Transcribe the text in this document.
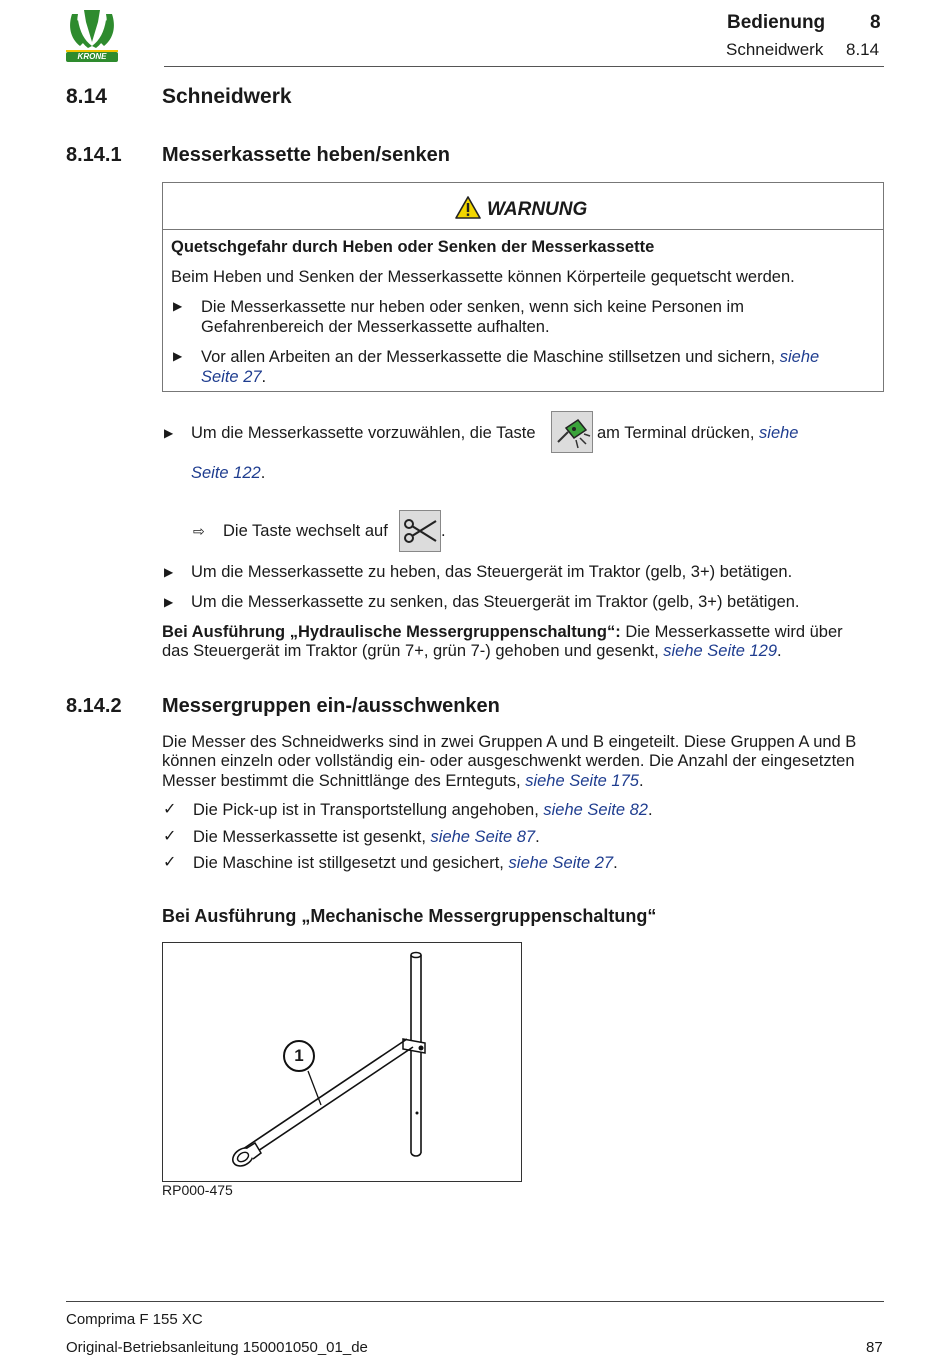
KRONE
Bedienung 8
Schneidwerk 8.14
8.14	Schneidwerk
8.14.1 Messerkassette heben/senken
WARNUNG
Quetschgefahr durch Heben oder Senken der Messerkassette
Beim Heben und Senken der Messerkassette können Körperteile gequetscht werden.
▶ Die Messerkassette nur heben oder senken, wenn sich keine Personen im
Gefahrenbereich der Messerkassette aufhalten.
▶ Vor allen Arbeiten an der Messerkassette die Maschine stillsetzen und sichern, siehe
Seite 27.
▶ Um die Messerkassette vorzuwählen, die Taste	am Terminal drücken, siehe
Seite 122.
⇨ Die Taste wechselt auf	.
▶ Um die Messerkassette zu heben, das Steuergerät im Traktor (gelb, 3+) betätigen.
▶ Um die Messerkassette zu senken, das Steuergerät im Traktor (gelb, 3+) betätigen.
Bei Ausführung „Hydraulische Messergruppenschaltung“: Die Messerkassette wird über
das Steuergerät im Traktor (grün 7+, grün 7-) gehoben und gesenkt, siehe Seite 129.
8.14.2 Messergruppen ein-/ausschwenken
Die Messer des Schneidwerks sind in zwei Gruppen A und B eingeteilt. Diese Gruppen A und B
können einzeln oder vollständig ein- oder ausgeschwenkt werden. Die Anzahl der eingesetzten
Messer bestimmt die Schnittlänge des Ernteguts, siehe Seite 175.
✓ Die Pick-up ist in Transportstellung angehoben, siehe Seite 82.
✓ Die Messerkassette ist gesenkt, siehe Seite 87.
✓ Die Maschine ist stillgesetzt und gesichert, siehe Seite 27.
Bei Ausführung „Mechanische Messergruppenschaltung“
1
RP000-475
Comprima F 155 XC
Original-Betriebsanleitung 150001050_01_de	87
